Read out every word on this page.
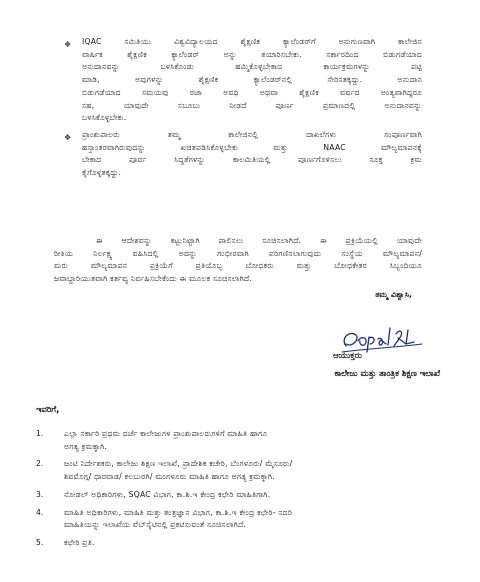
❖ IQAC ಸಮಿತಿಯು ವಿಶ್ವವಿದ್ಯಾಲಯದ ಶೈಕ್ಷಣಿಕ ಕ್ಯಾಲೆಂಡರ್‌ಗೆ ಅನುಗುಣವಾಗಿ ಕಾಲೇಜಿನ
ವಾರ್ಷಿಕ ಶೈಕ್ಷಣಿಕ ಕ್ಯಾಲೆಂಡರ್ ಅನ್ನು ತಯಾರಿಸಬೇಕು. ಸರ್ಕಾರದಿಂದ ಬಿಡುಗಡೆಯಾದ
ಅನುದಾನವನ್ನು ಬಳಸಿಕೊಂಡು ಹಮ್ಮಿಕೊಳ್ಳಬೇಕಾದ ಕಾರ್ಯಕ್ರಮಗಳನ್ನು ಪಟ್ಟಿ
ಮಾಡಿ, ಅವುಗಳನ್ನು ಶೈಕ್ಷಣಿಕ ಕ್ಯಾಲೆಂಡರ್‌ನಲ್ಲಿ ಸೇರಿಸತಕ್ಕದ್ದು. ಅನುದಾನ
ಬಿಡುಗಡೆಯಾದ ಸಮಯವು ರಜಾ ಅವಧಿ ಅಥವಾ ಶೈಕ್ಷಣಿಕ ವರ್ಷದ ಅಂತ್ಯವಾಗಿದ್ದರೂ
ಸಹ, ಯಾವುದೇ ಸಬೂಬು ನೀಡದೆ ಪೂರ್ಣ ಪ್ರಮಾಣದಲ್ಲಿ ಅನುದಾನವನ್ನು
ಬಳಸಿಕೊಳ್ಳಬೇಕು.
❖ ಪ್ರಾಂಶುಪಾಲರು ತಮ್ಮ ಕಾಲೇಜಿನಲ್ಲಿ ದಾಖಲೆಗಳು ಸಂಪೂರ್ಣವಾಗಿ
ಹಸ್ತಾಂತರವಾಗಿರುವುದನ್ನು ಖಚಿತಪಡಿಸಿಕೊಳ್ಳಬೇಕು ಮತ್ತು NAAC ಮೌಲ್ಯಮಾಪನಕ್ಕೆ
ಬೇಕಾದ ಪೂರ್ವ ಸಿದ್ಧತೆಗಳನ್ನು ಕಾಲಮಿತಿಯಲ್ಲಿ ಪೂರ್ಣಗೊಳಿಸಲು ಸೂಕ್ತ ಕ್ರಮ
ಕೈಗೊಳ್ಳತಕ್ಕದ್ದು.
ಈ ಆದೇಶವನ್ನು ಕಟ್ಟುನಿಟ್ಟಾಗಿ ಪಾಲಿಸಲು ಸೂಚಿಸಲಾಗಿದೆ. ಈ ಪ್ರಕ್ರಿಯೆಯಲ್ಲಿ ಯಾವುದೇ
ರೀತಿಯ ನಿರ್ಲಕ್ಷ್ಯ ವಹಿಸಿದಲ್ಲಿ ಅದನ್ನು ಗಂಭೀರವಾಗಿ ಪರಿಗಣಿಸಲಾಗುವುದು ಸಂಸ್ಥೆಯ ಮೌಲ್ಯಮಾಪನ/
ಮರು ಮೌಲ್ಯಮಾಪನ ಪ್ರಕ್ರಿಯೆಗೆ ಪ್ರತಿಯೊಬ್ಬ ಬೋಧಕರು ಮತ್ತು ಬೋಧಕೇತರ ಸಿಬ್ಬಂದಿಯೂ
ಜವಾಬ್ದಾರಿಯುತವಾಗಿ ಕರ್ತವ್ಯ ನಿರ್ವಹಿಸಬೇಕೆಂದು ಈ ಮೂಲಕ ಸೂಚಿಸಲಾಗಿದೆ.
ತಮ್ಮ ವಿಶ್ವಾಸಿ,
ಆಯುಕ್ತರು
ಕಾಲೇಜು ಮತ್ತು ತಾಂತ್ರಿಕ ಶಿಕ್ಷಣ ಇಲಾಖೆ
ಇವರಿಗೆ,
1.	ಎಲ್ಲಾ ಸರ್ಕಾರಿ ಪ್ರಥಮ ದರ್ಜೆ ಕಾಲೇಜುಗಳ ಪ್ರಾಂಶುಪಾಲರುಗಳಿಗೆ ಮಾಹಿತಿ ಹಾಗೂ
ಅಗತ್ಯ ಕ್ರಮಕ್ಕಾಗಿ.
2.	ಜಂಟಿ ನಿರ್ದೇಶಕರು, ಕಾಲೇಜು ಶಿಕ್ಷಣ ಇಲಾಖೆ, ಪ್ರಾದೇಶಿಕ ಕಚೇರಿ, ಬೆಂಗಳೂರು/ ಮೈಸೂರು/
ಶಿವಮೊಗ್ಗ/ ಧಾರವಾಡ/ ಕಲಬುರಗಿ/ ಮಂಗಳೂರು ಮಾಹಿತಿ ಹಾಗೂ ಅಗತ್ಯ ಕ್ರಮಕ್ಕಾಗಿ.
3.	ನೋಡಲ್ ಅಧಿಕಾರಿಗಳು, SQAC ವಿಭಾಗ, ಕಾ.ಶಿ.ಇ ಕೇಂದ್ರ ಕಛೇರಿ ಮಾಹಿತಿಗಾಗಿ.
4.	ಮಾಹಿತಿ ಅಧಿಕಾರಿಗಳು, ಮಾಹಿತಿ ಮತ್ತು ತಂತ್ರಜ್ಞಾನ ವಿಭಾಗ, ಕಾ.ಶಿ.ಇ ಕೇಂದ್ರ ಕಛೇರಿ- ಸದರಿ
ಮಾಹಿತಿಯನ್ನು ಇಲಾಖೆಯ ವೆಬ್‌ಸೈಟಿನಲ್ಲಿ ಪ್ರಕಟಿಸುವಂತೆ ಸೂಚಿಸಲಾಗಿದೆ.
5.	ಕಛೇರಿ ಪ್ರತಿ.
